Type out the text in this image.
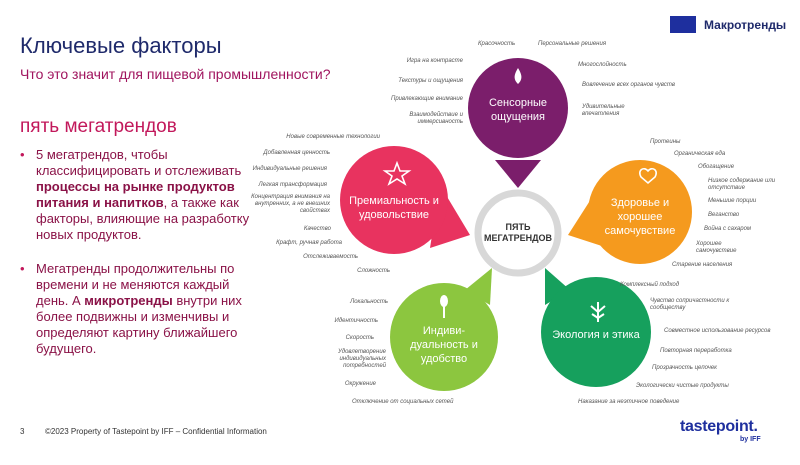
Ключевые факторы
Что это значит для пищевой промышленности?
Макротренды
пять мегатрендов
• 5 мегатрендов, чтобы классифицировать и отслеживать процессы на рынке продуктов питания и напитков, а также как факторы, влияющие на разработку новых продуктов.
• Мегатренды продолжительны по времени и не меняются каждый день. А микротренды внутри них более подвижны и изменчивы и определяют картину ближайшего будущего.
Сенсорные ощущения
Премиальность и удовольствие
Здоровье и хорошее самочувствие
Индиви-дуальность и удобство
Экология и этика
ПЯТЬ
МЕГАТРЕНДОВ
Красочность	Персональные решения
Игра на контрасте
Текстуры и ощущения
Привлекающие внимание
Взаимодействие и иммерсивность
Многослойность
Вовлечение всех органов чувств
Удивительные впечатления
Новые современные технологии
Добавленная ценность
Индивидуальные решения
Легкая трансформация
Концентрация внимания на внутренних, а не внешних свойствах
Качество
Крафт, ручная работа
Отслеживаемость
Сложность
Протеины
Органическая еда
Обогащение
Низкое содержание или отсутствие
Меньшие порции
Веганство
Война с сахаром
Хорошее самочувствие
Старение населения
Локальность
Идентичность
Скорость
Удовлетворение индивидуальных потребностей
Окружение
Отключение от социальных сетей
Комплексный подход
Чувство сопричастности к сообществу
Совместное использование ресурсов
Повторная переработка
Прозрачность цепочек
Экологически чистые продукты
Наказание за неэтичное поведение
3	©2023 Property of Tastepoint by IFF – Confidential Information	tastepoint.
by IFF
